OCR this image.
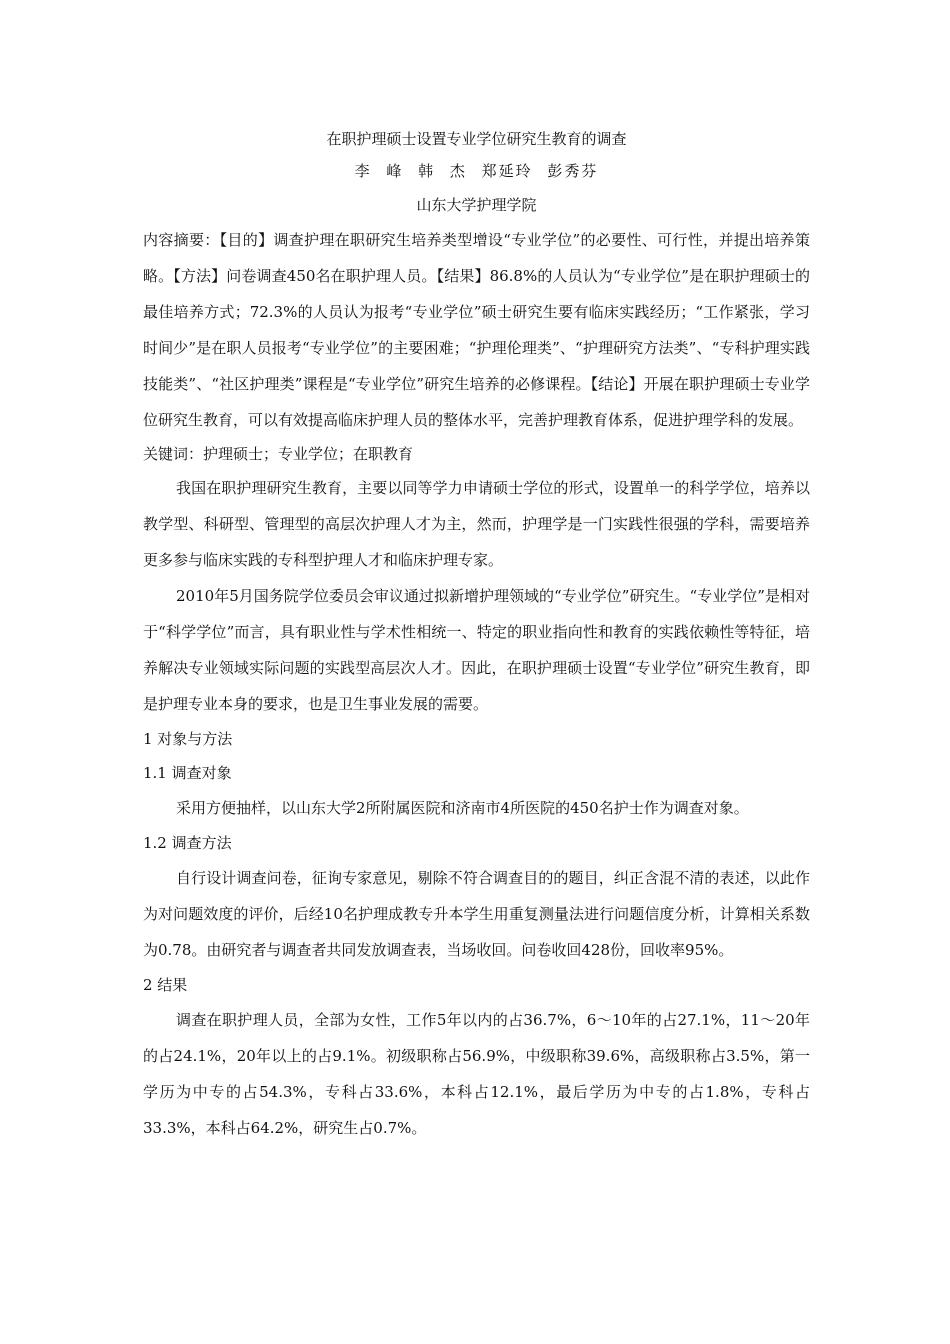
在职护理硕士设置专业学位研究生教育的调查
李 峰 韩 杰 郑延玲 彭秀芬
山东大学护理学院

内容摘要：【目的】调查护理在职研究生培养类型增设“专业学位”的必要性、可行性，并提出培养策略。【方法】问卷调查450名在职护理人员。【结果】86.8%的人员认为“专业学位”是在职护理硕士的最佳培养方式；72.3%的人员认为报考“专业学位”硕士研究生要有临床实践经历；“工作紧张，学习时间少”是在职人员报考“专业学位”的主要困难；“护理伦理类”、“护理研究方法类”、“专科护理实践技能类”、“社区护理类”课程是“专业学位”研究生培养的必修课程。【结论】开展在职护理硕士专业学位研究生教育，可以有效提高临床护理人员的整体水平，完善护理教育体系，促进护理学科的发展。

关键词：护理硕士；专业学位；在职教育

我国在职护理研究生教育，主要以同等学力申请硕士学位的形式，设置单一的科学学位，培养以教学型、科研型、管理型的高层次护理人才为主，然而，护理学是一门实践性很强的学科，需要培养更多参与临床实践的专科型护理人才和临床护理专家。

2010年5月国务院学位委员会审议通过拟新增护理领域的“专业学位”研究生。“专业学位”是相对于“科学学位”而言，具有职业性与学术性相统一、特定的职业指向性和教育的实践依赖性等特征，培养解决专业领域实际问题的实践型高层次人才。因此，在职护理硕士设置“专业学位”研究生教育，即是护理专业本身的要求，也是卫生事业发展的需要。

1 对象与方法
1.1 调查对象

采用方便抽样，以山东大学2所附属医院和济南市4所医院的450名护士作为调查对象。

1.2 调查方法

自行设计调查问卷，征询专家意见，剔除不符合调查目的的题目，纠正含混不清的表述，以此作为对问题效度的评价，后经10名护理成教专升本学生用重复测量法进行问题信度分析，计算相关系数为0.78。由研究者与调查者共同发放调查表，当场收回。问卷收回428份，回收率95%。

2 结果

调查在职护理人员，全部为女性，工作5年以内的占36.7%，6～10年的占27.1%，11～20年的占24.1%，20年以上的占9.1%。初级职称占56.9%，中级职称39.6%，高级职称占3.5%，第一学历为中专的占54.3%，专科占33.6%，本科占12.1%，最后学历为中专的占1.8%，专科占33.3%，本科占64.2%，研究生占0.7%。
